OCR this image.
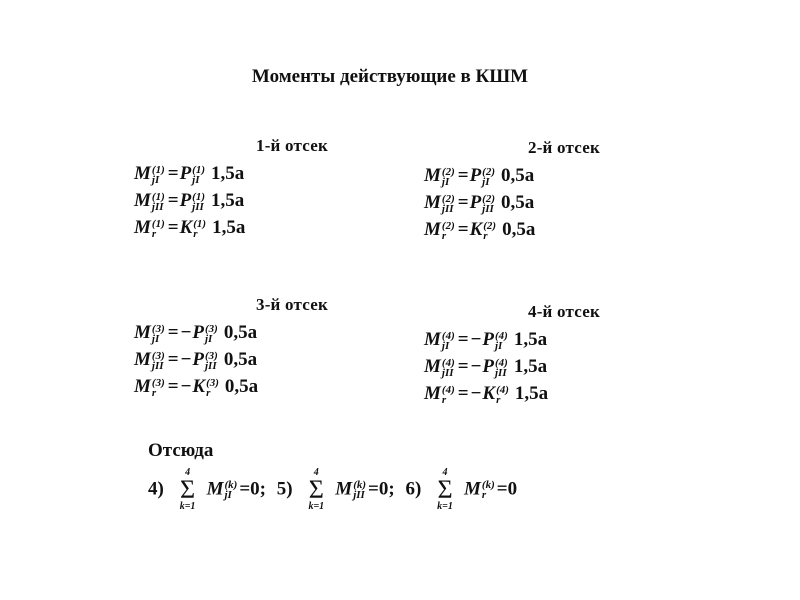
Моменты действующие в КШМ
1-й отсек
M (1)
jI =P (1)
jI 1,5a
M (1)
jII =P (1)
jII 1,5a
M (1)
r =K (1)
r 1,5a
2-й отсек
M (2)
jI =P (2)
jI 0,5a
M (2)
jII =P (2)
jII 0,5a
M (2)
r =K (2)
r 0,5a
3-й отсек
M (3)
jI = −P (3)
jI 0,5a
M (3)
jII = −P (3)
jII 0,5a
M (3)
r = −K (3)
r 0,5a
4-й отсек
M (4)
jI = −P (4)
jI 1,5a
M (4)
jII = −P (4)
jII 1,5a
M (4)
r = −K (4)
r 1,5a
Отсюда
4)
4
Σ
k=1
M (k)
jI =0; 5)
4
Σ
k=1
M (k)
jII =0; 6)
4
Σ
k=1
M (k)
r =0
